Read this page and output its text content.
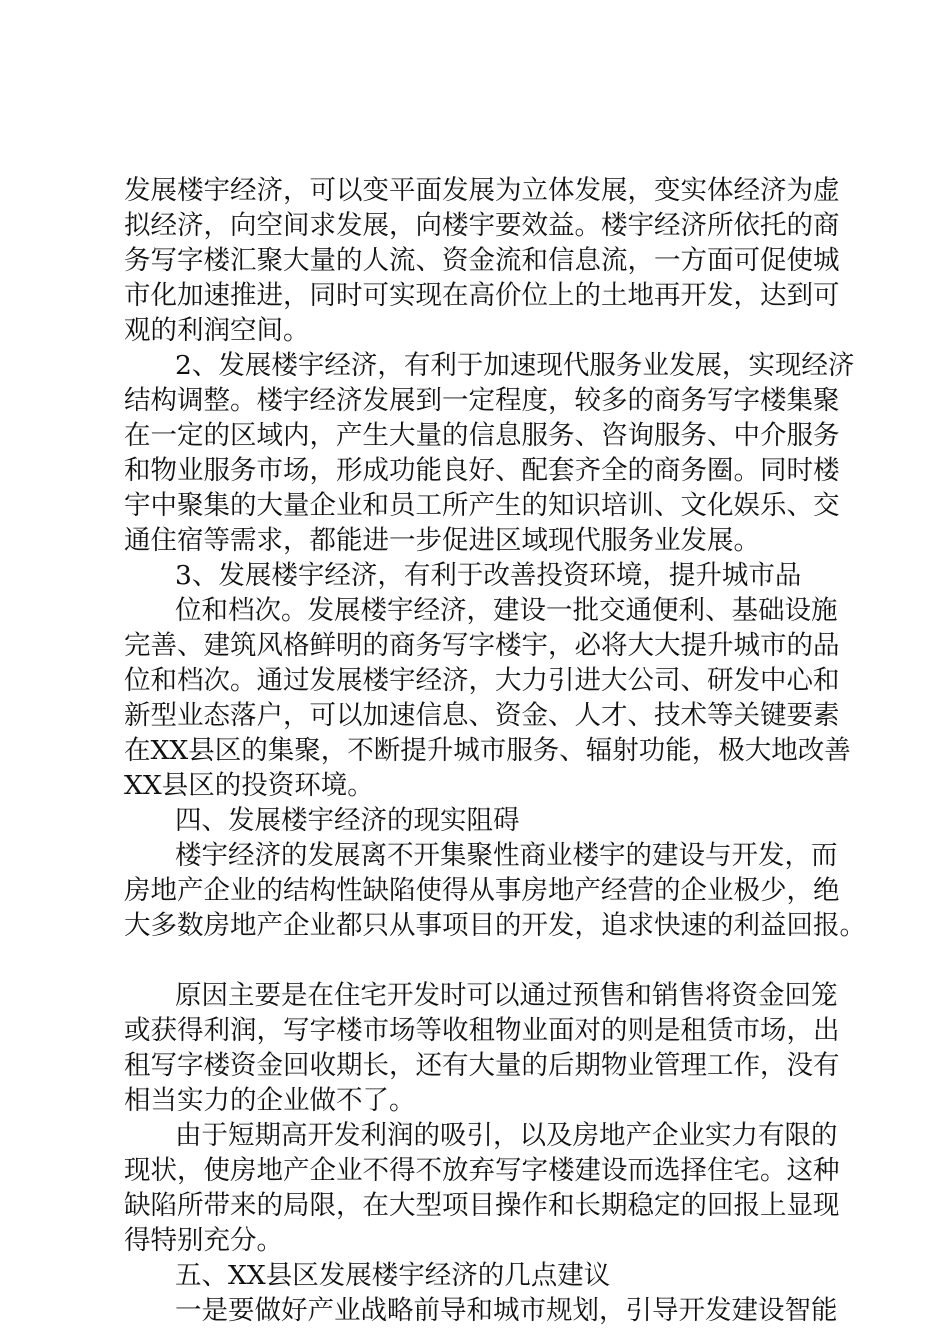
发展楼宇经济，可以变平面发展为立体发展，变实体经济为虚
拟经济，向空间求发展，向楼宇要效益。楼宇经济所依托的商
务写字楼汇聚大量的人流、资金流和信息流，一方面可促使城
市化加速推进，同时可实现在高价位上的土地再开发，达到可
观的利润空间。
2、发展楼宇经济，有利于加速现代服务业发展，实现经济
结构调整。楼宇经济发展到一定程度，较多的商务写字楼集聚
在一定的区域内，产生大量的信息服务、咨询服务、中介服务
和物业服务市场，形成功能良好、配套齐全的商务圈。同时楼
宇中聚集的大量企业和员工所产生的知识培训、文化娱乐、交
通住宿等需求，都能进一步促进区域现代服务业发展。
3、发展楼宇经济，有利于改善投资环境，提升城市品
位和档次。发展楼宇经济，建设一批交通便利、基础设施
完善、建筑风格鲜明的商务写字楼宇，必将大大提升城市的品
位和档次。通过发展楼宇经济，大力引进大公司、研发中心和
新型业态落户，可以加速信息、资金、人才、技术等关键要素
在XX县区的集聚，不断提升城市服务、辐射功能，极大地改善
XX县区的投资环境。
四、发展楼宇经济的现实阻碍
楼宇经济的发展离不开集聚性商业楼宇的建设与开发，而
房地产企业的结构性缺陷使得从事房地产经营的企业极少，绝
大多数房地产企业都只从事项目的开发，追求快速的利益回报。
原因主要是在住宅开发时可以通过预售和销售将资金回笼
或获得利润，写字楼市场等收租物业面对的则是租赁市场，出
租写字楼资金回收期长，还有大量的后期物业管理工作，没有
相当实力的企业做不了。
由于短期高开发利润的吸引，以及房地产企业实力有限的
现状，使房地产企业不得不放弃写字楼建设而选择住宅。这种
缺陷所带来的局限，在大型项目操作和长期稳定的回报上显现
得特别充分。
五、XX县区发展楼宇经济的几点建议
一是要做好产业战略前导和城市规划，引导开发建设智能
